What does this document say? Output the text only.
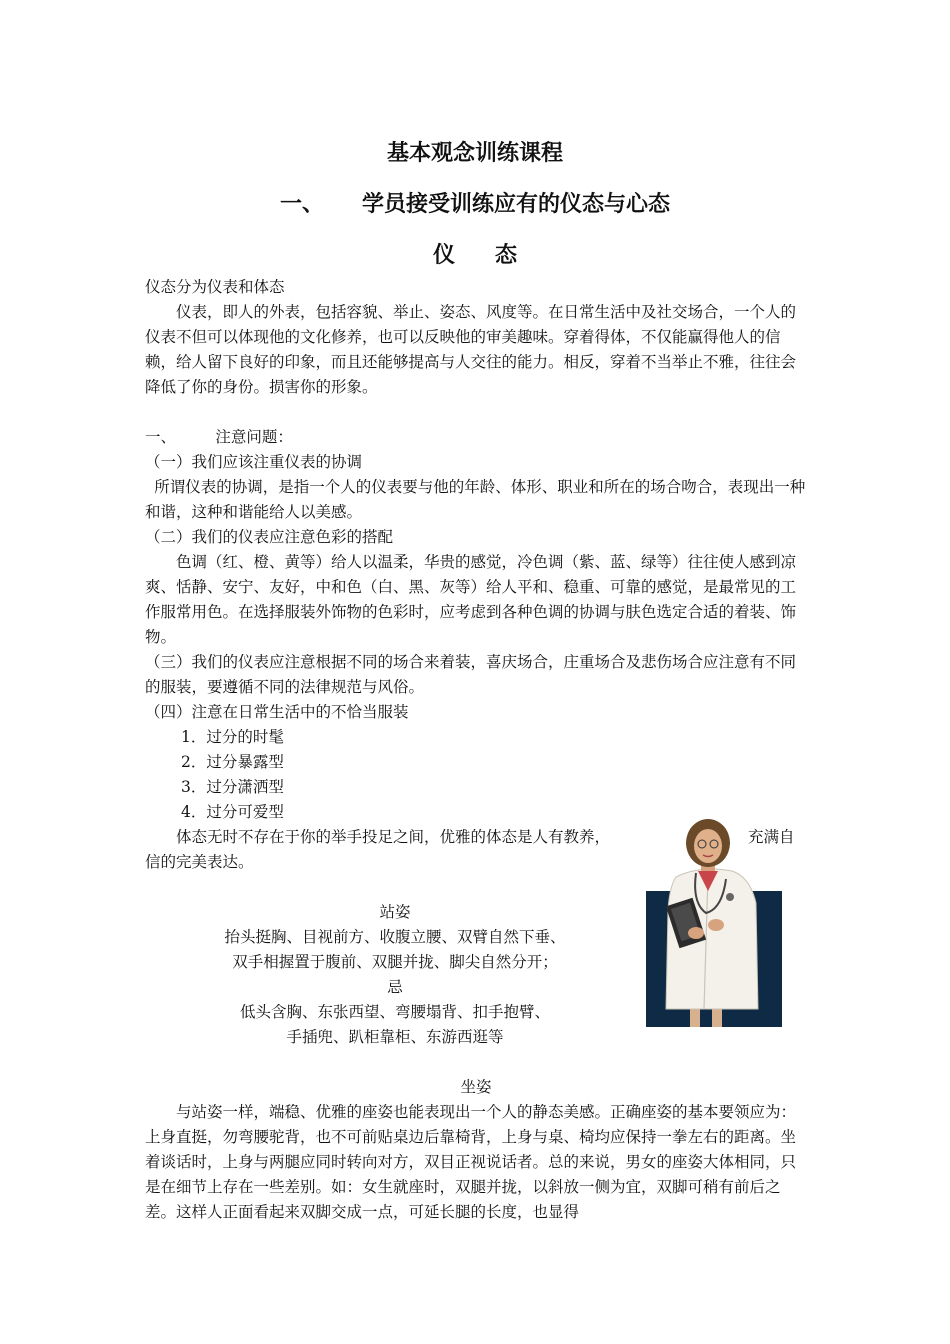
基本观念训练课程
一、 学员接受训练应有的仪态与心态
仪态

仪态分为仪表和体态

仪表，即人的外表，包括容貌、举止、姿态、风度等。在日常生活中及社交场合，一个人的仪表不但可以体现他的文化修养，也可以反映他的审美趣味。穿着得体，不仅能赢得他人的信赖，给人留下良好的印象，而且还能够提高与人交往的能力。相反，穿着不当举止不雅，往往会降低了你的身份。损害你的形象。

一、        注意问题：

（一）我们应该注重仪表的协调

所谓仪表的协调，是指一个人的仪表要与他的年龄、体形、职业和所在的场合吻合，表现出一种和谐，这种和谐能给人以美感。

（二）我们的仪表应注意色彩的搭配

色调（红、橙、黄等）给人以温柔，华贵的感觉，冷色调（紫、蓝、绿等）往往使人感到凉爽、恬静、安宁、友好，中和色（白、黑、灰等）给人平和、稳重、可靠的感觉，是最常见的工作服常用色。在选择服装外饰物的色彩时，应考虑到各种色调的协调与肤色选定合适的着装、饰物。

（三）我们的仪表应注意根据不同的场合来着装，喜庆场合，庄重场合及悲伤场合应注意有不同的服装，要遵循不同的法律规范与风俗。

（四）注意在日常生活中的不恰当服装

1．过分的时髦

2．过分暴露型

3．过分潇洒型

4．过分可爱型

体态无时不存在于你的举手投足之间，优雅的体态是人有教养，	充满自信的完美表达。

站姿

抬头挺胸、目视前方、收腹立腰、双臂自然下垂、

双手相握置于腹前、双腿并拢、脚尖自然分开；

忌

低头含胸、东张西望、弯腰塌背、扣手抱臂、

手插兜、趴柜靠柜、东游西逛等

坐姿

与站姿一样，端稳、优雅的座姿也能表现出一个人的静态美感。正确座姿的基本要领应为：上身直挺，勿弯腰驼背，也不可前贴桌边后靠椅背，上身与桌、椅均应保持一拳左右的距离。坐着谈话时，上身与两腿应同时转向对方，双目正视说话者。总的来说，男女的座姿大体相同，只是在细节上存在一些差别。如：女生就座时，双腿并拢，以斜放一侧为宜，双脚可稍有前后之差。这样人正面看起来双脚交成一点，可延长腿的长度，也显得
